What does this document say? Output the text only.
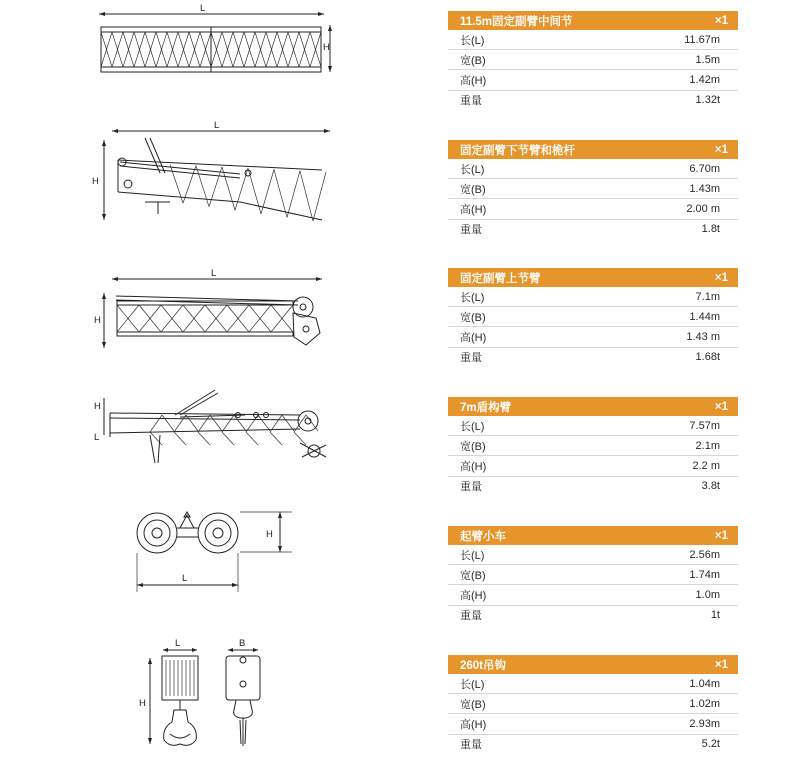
L
H
L
H
L
H
H
L
H
L
L
H
B
11.5m固定副臂中间节	×1
长(L)	11.67m
宽(B)	1.5m
高(H)	1.42m
重量	1.32t
固定副臂下节臂和桅杆	×1
长(L)	6.70m
宽(B)	1.43m
高(H)	2.00 m
重量	1.8t
固定副臂上节臂	×1
长(L)	7.1m
宽(B)	1.44m
高(H)	1.43 m
重量	1.68t
7m盾构臂	×1
长(L)	7.57m
宽(B)	2.1m
高(H)	2.2 m
重量	3.8t
起臂小车	×1
长(L)	2.56m
宽(B)	1.74m
高(H)	1.0m
重量	1t
260t吊钩	×1
长(L)	1.04m
宽(B)	1.02m
高(H)	2.93m
重量	5.2t
